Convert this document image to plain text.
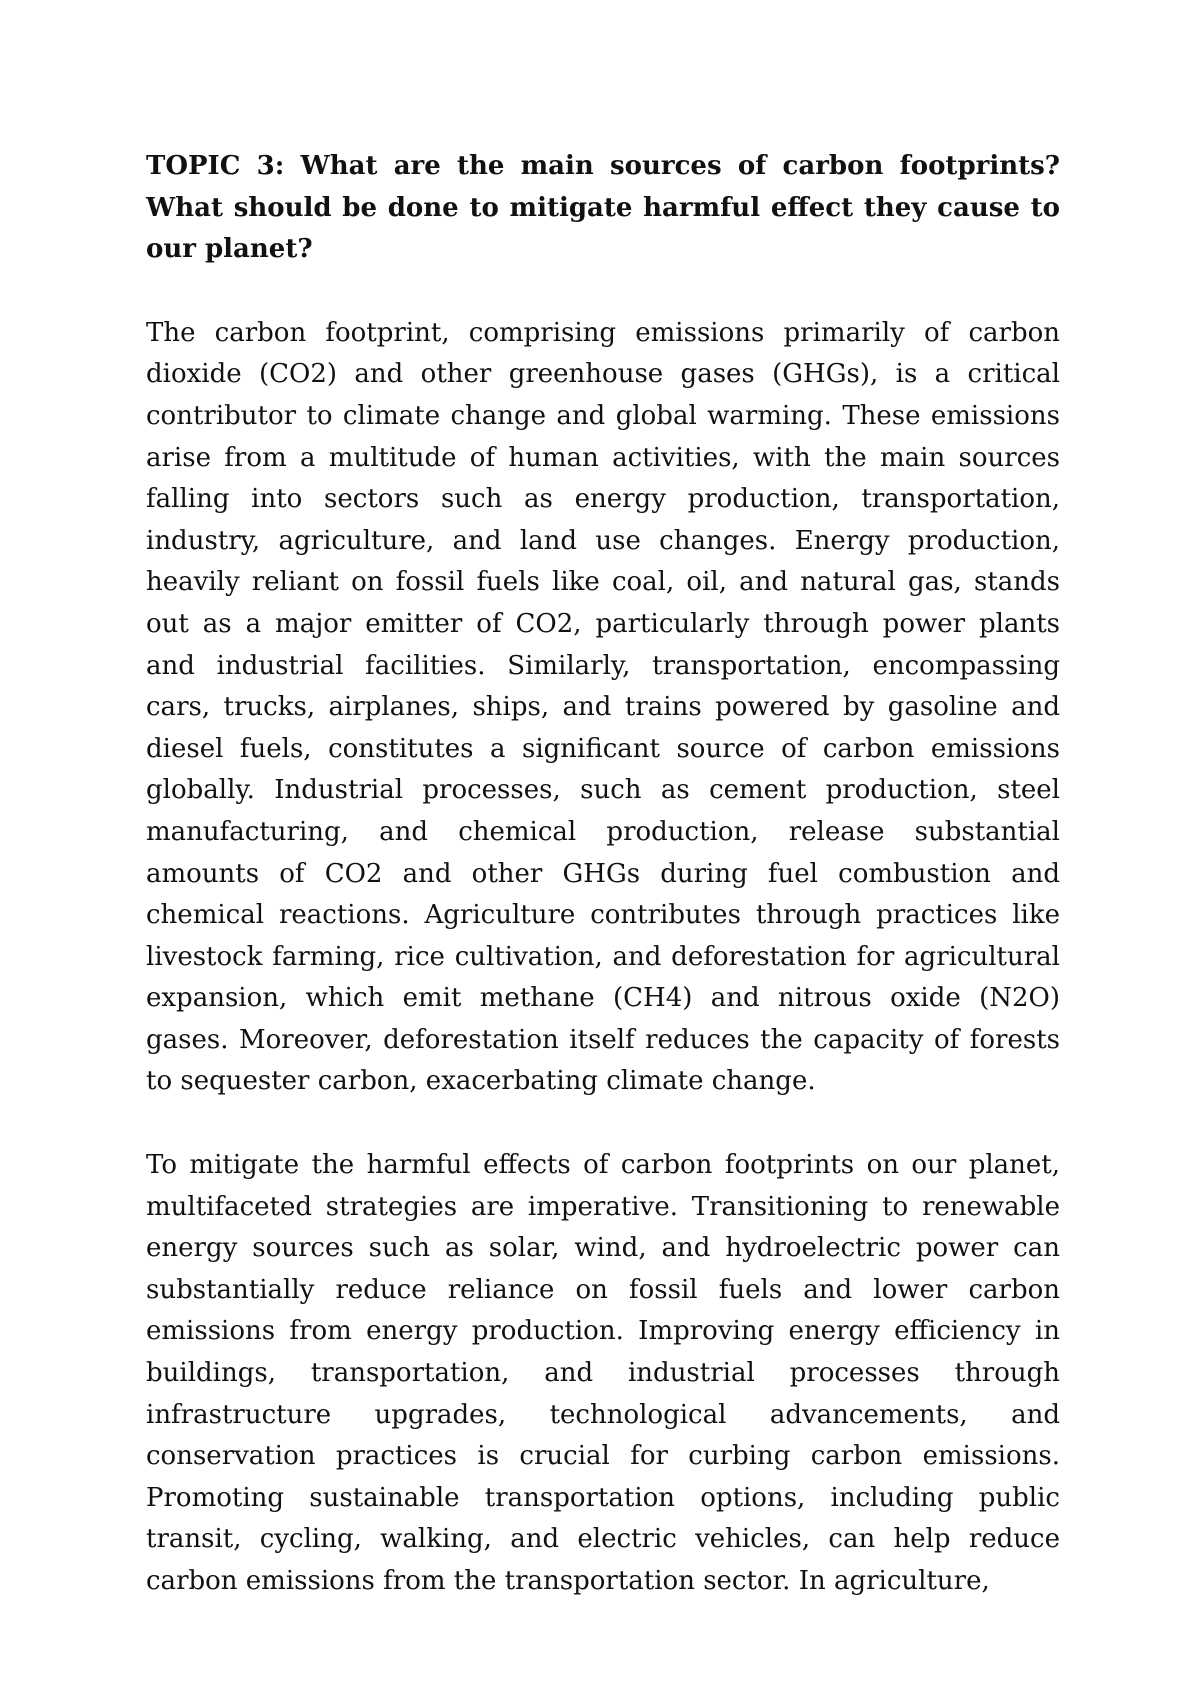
TOPIC 3: What are the main sources of carbon footprints? What should be done to mitigate harmful effect they cause to our planet?

The carbon footprint, comprising emissions primarily of carbon dioxide (CO2) and other greenhouse gases (GHGs), is a critical contributor to climate change and global warming. These emissions arise from a multitude of human activities, with the main sources falling into sectors such as energy production, transportation, industry, agriculture, and land use changes. Energy production, heavily reliant on fossil fuels like coal, oil, and natural gas, stands out as a major emitter of CO2, particularly through power plants and industrial facilities. Similarly, transportation, encompassing cars, trucks, airplanes, ships, and trains powered by gasoline and diesel fuels, constitutes a significant source of carbon emissions globally. Industrial processes, such as cement production, steel manufacturing, and chemical production, release substantial amounts of CO2 and other GHGs during fuel combustion and chemical reactions. Agriculture contributes through practices like livestock farming, rice cultivation, and deforestation for agricultural expansion, which emit methane (CH4) and nitrous oxide (N2O) gases. Moreover, deforestation itself reduces the capacity of forests to sequester carbon, exacerbating climate change.

To mitigate the harmful effects of carbon footprints on our planet, multifaceted strategies are imperative. Transitioning to renewable energy sources such as solar, wind, and hydroelectric power can substantially reduce reliance on fossil fuels and lower carbon emissions from energy production. Improving energy efficiency in buildings, transportation, and industrial processes through infrastructure upgrades, technological advancements, and conservation practices is crucial for curbing carbon emissions. Promoting sustainable transportation options, including public transit, cycling, walking, and electric vehicles, can help reduce carbon emissions from the transportation sector. In agriculture,
